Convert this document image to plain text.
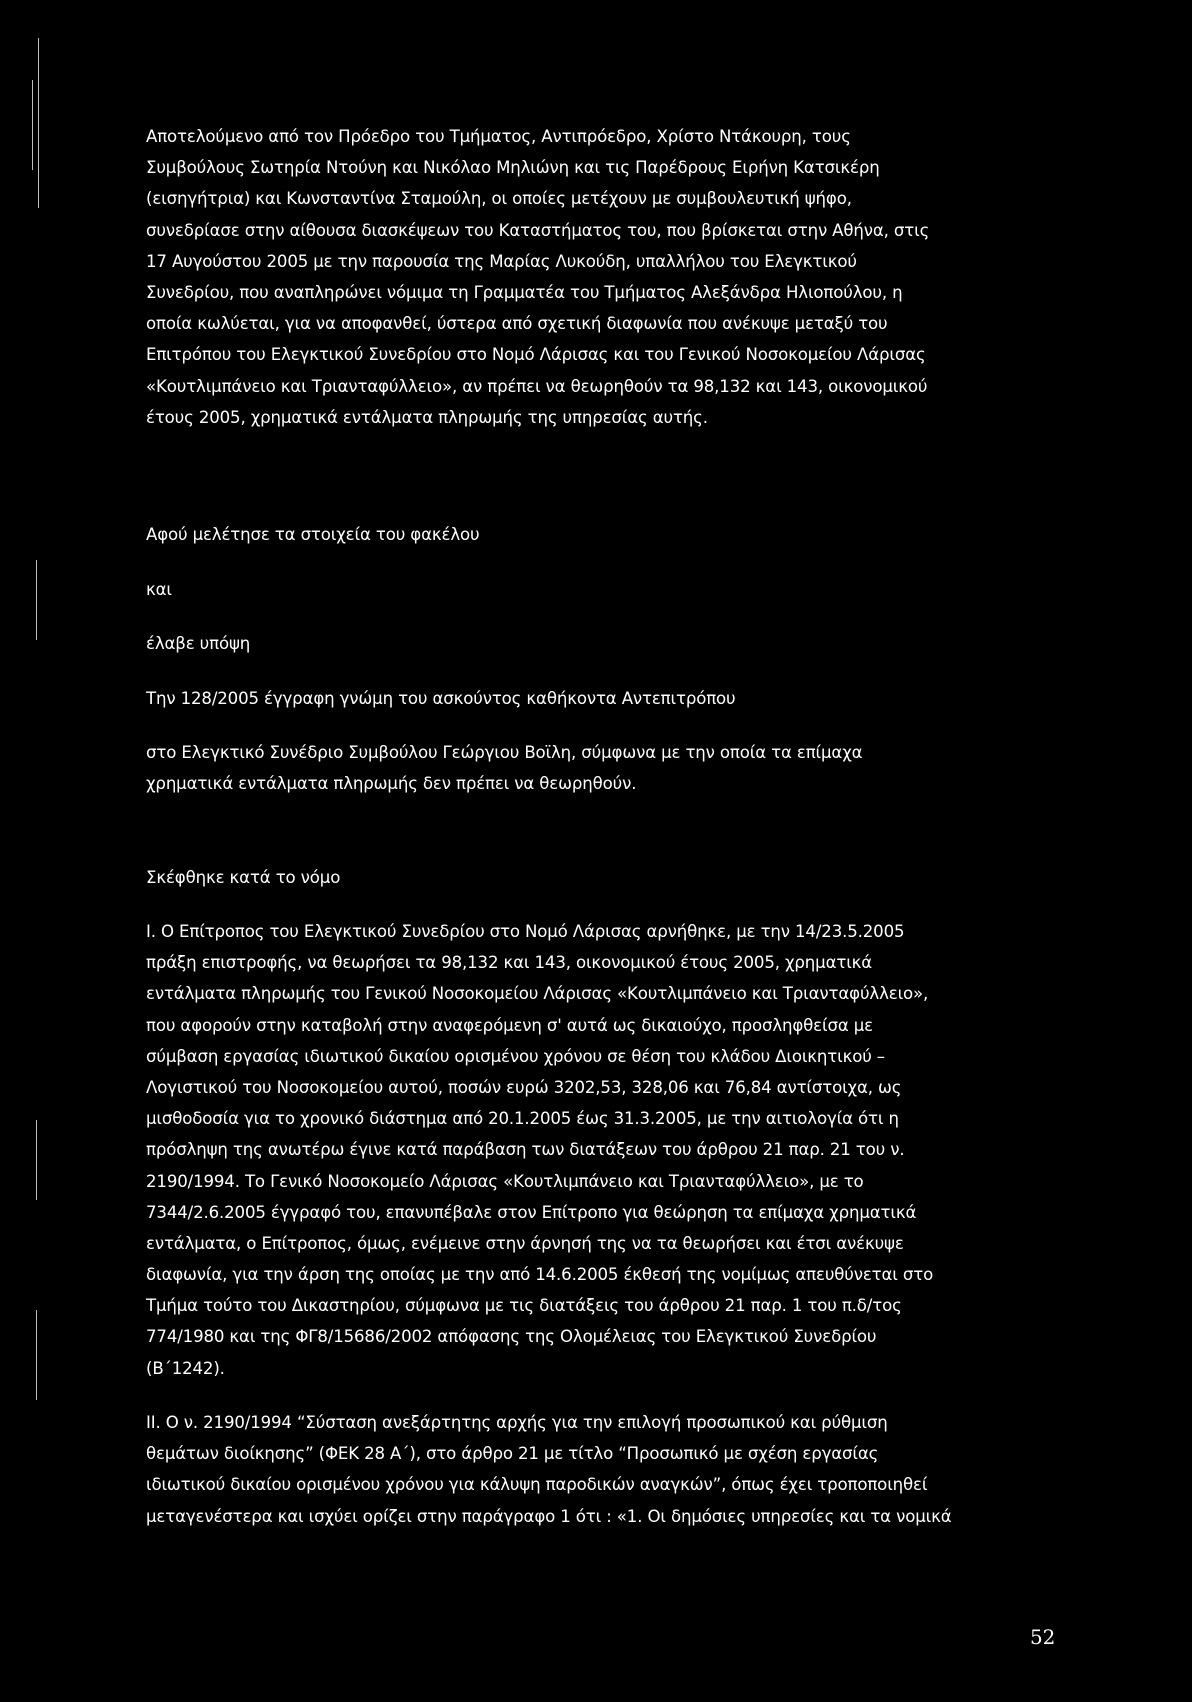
Αποτελούμενο από τον Πρόεδρο του Τμήματος, Αντιπρόεδρο, Χρίστο Ντάκουρη, τους
Συμβούλους Σωτηρία Ντούνη και Νικόλαο Μηλιώνη και τις Παρέδρους Ειρήνη Κατσικέρη
(εισηγήτρια) και Κωνσταντίνα Σταμούλη, οι οποίες μετέχουν με συμβουλευτική ψήφο,
συνεδρίασε στην αίθουσα διασκέψεων του Καταστήματος του, που βρίσκεται στην Αθήνα, στις
17 Αυγούστου 2005 με την παρουσία της Μαρίας Λυκούδη, υπαλλήλου του Ελεγκτικού
Συνεδρίου, που αναπληρώνει νόμιμα τη Γραμματέα του Τμήματος Αλεξάνδρα Ηλιοπούλου, η
οποία κωλύεται, για να αποφανθεί, ύστερα από σχετική διαφωνία που ανέκυψε μεταξύ του
Επιτρόπου του Ελεγκτικού Συνεδρίου στο Νομό Λάρισας και του Γενικού Νοσοκομείου Λάρισας
«Κουτλιμπάνειο και Τριανταφύλλειο», αν πρέπει να θεωρηθούν τα 98,132 και 143, οικονομικού
έτους 2005, χρηματικά εντάλματα πληρωμής της υπηρεσίας αυτής.
Αφού μελέτησε τα στοιχεία του φακέλου
και
έλαβε υπόψη
Την 128/2005 έγγραφη γνώμη του ασκούντος καθήκοντα Αντεπιτρόπου
στο Ελεγκτικό Συνέδριο Συμβούλου Γεώργιου Βοϊλη, σύμφωνα με την οποία τα επίμαχα
χρηματικά εντάλματα πληρωμής δεν πρέπει να θεωρηθούν.
Σκέφθηκε κατά το νόμο
I. Ο Επίτροπος του Ελεγκτικού Συνεδρίου στο Νομό Λάρισας αρνήθηκε, με την 14/23.5.2005
πράξη επιστροφής, να θεωρήσει τα 98,132 και 143, οικονομικού έτους 2005, χρηματικά
εντάλματα πληρωμής του Γενικού Νοσοκομείου Λάρισας «Κουτλιμπάνειο και Τριανταφύλλειο»,
που αφορούν στην καταβολή στην αναφερόμενη σ' αυτά ως δικαιούχο, προσληφθείσα με
σύμβαση εργασίας ιδιωτικού δικαίου ορισμένου χρόνου σε θέση του κλάδου Διοικητικού –
Λογιστικού του Νοσοκομείου αυτού, ποσών ευρώ 3202,53, 328,06 και 76,84 αντίστοιχα, ως
μισθοδοσία για το χρονικό διάστημα από 20.1.2005 έως 31.3.2005, με την αιτιολογία ότι η
πρόσληψη της ανωτέρω έγινε κατά παράβαση των διατάξεων του άρθρου 21 παρ. 21 του ν.
2190/1994. Το Γενικό Νοσοκομείο Λάρισας «Κουτλιμπάνειο και Τριανταφύλλειο», με το
7344/2.6.2005 έγγραφό του, επανυπέβαλε στον Επίτροπο για θεώρηση τα επίμαχα χρηματικά
εντάλματα, ο Επίτροπος, όμως, ενέμεινε στην άρνησή της να τα θεωρήσει και έτσι ανέκυψε
διαφωνία, για την άρση της οποίας με την από 14.6.2005 έκθεσή της νομίμως απευθύνεται στο
Τμήμα τούτο του Δικαστηρίου, σύμφωνα με τις διατάξεις του άρθρου 21 παρ. 1 του π.δ/τος
774/1980 και της ΦΓ8/15686/2002 απόφασης της Ολομέλειας του Ελεγκτικού Συνεδρίου
(Β΄1242).
II. Ο ν. 2190/1994 “Σύσταση ανεξάρτητης αρχής για την επιλογή προσωπικού και ρύθμιση
θεμάτων διοίκησης” (ΦΕΚ 28 Α΄), στο άρθρο 21 με τίτλο “Προσωπικό με σχέση εργασίας
ιδιωτικού δικαίου ορισμένου χρόνου για κάλυψη παροδικών αναγκών”, όπως έχει τροποποιηθεί
μεταγενέστερα και ισχύει ορίζει στην παράγραφο 1 ότι : «1. Οι δημόσιες υπηρεσίες και τα νομικά
52
